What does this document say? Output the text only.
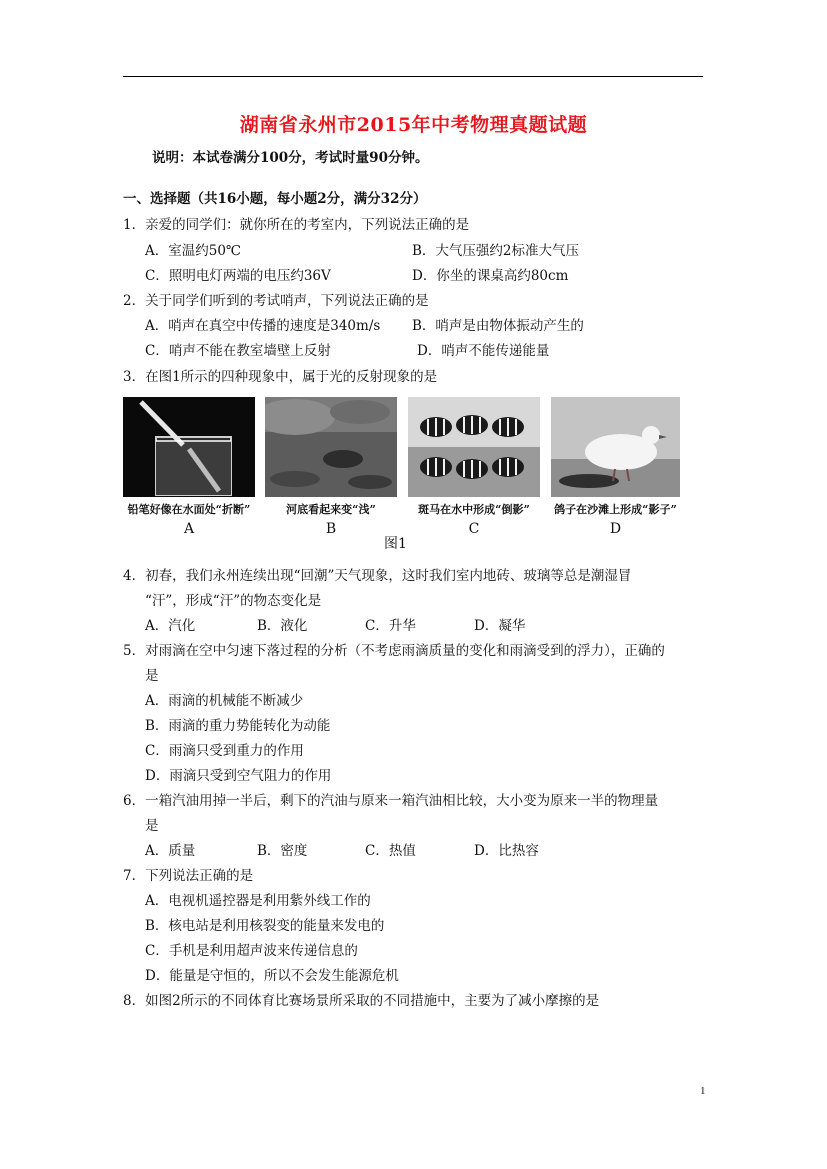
湖南省永州市2015年中考物理真题试题
说明：本试卷满分100分，考试时量90分钟。
一、选择题（共16小题，每小题2分，满分32分）
1．亲爱的同学们：就你所在的考室内，下列说法正确的是
A．室温约50℃	B．大气压强约2标准大气压
C．照明电灯两端的电压约36V	D．你坐的课桌高约80cm
2．关于同学们听到的考试哨声，下列说法正确的是
A．哨声在真空中传播的速度是340m/s B．哨声是由物体振动产生的
C．哨声不能在教室墙壁上反射	D．哨声不能传递能量
3．在图1所示的四种现象中，属于光的反射现象的是
铅笔好像在水面处“折断”
A
河底看起来变“浅”
B
斑马在水中形成“倒影”
C
鸽子在沙滩上形成“影子”
D
图1
4．初春，我们永州连续出现“回潮”天气现象，这时我们室内地砖、玻璃等总是潮湿冒
“汗”，形成“汗”的物态变化是
A．汽化	B．液化	C．升华	D．凝华
5．对雨滴在空中匀速下落过程的分析（不考虑雨滴质量的变化和雨滴受到的浮力），正确的
是
A．雨滴的机械能不断减少
B．雨滴的重力势能转化为动能
C．雨滴只受到重力的作用
D．雨滴只受到空气阻力的作用
6．一箱汽油用掉一半后，剩下的汽油与原来一箱汽油相比较，大小变为原来一半的物理量
是
A．质量	B．密度	C．热值	D．比热容
7．下列说法正确的是
A．电视机遥控器是利用紫外线工作的
B．核电站是利用核裂变的能量来发电的
C．手机是利用超声波来传递信息的
D．能量是守恒的，所以不会发生能源危机
8．如图2所示的不同体育比赛场景所采取的不同措施中，主要为了减小摩擦的是
1
